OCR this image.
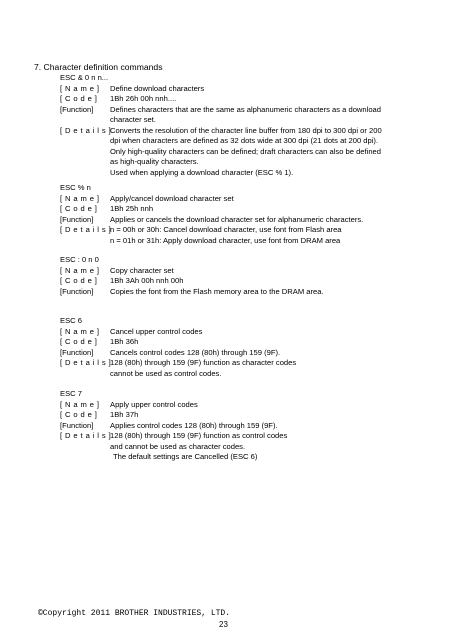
7. Character definition commands
ESC & 0 n n...
[ N a m e ]	Define download characters
[ C o d e ]	1Bh 26h 00h nnh....
[Function]	Defines characters that are the same as alphanumeric characters as a download
character set.
[ D e t a i l s ]
Converts the resolution of the character line buffer from 180 dpi to 300 dpi or 200
dpi when characters are defined as 32 dots wide at 300 dpi (21 dots at 200 dpi).
Only high-quality characters can be defined; draft characters can also be defined
as high-quality characters.
Used when applying a download character (ESC % 1).
ESC % n
[ N a m e ]	Apply/cancel download character set
[ C o d e ]	1Bh 25h nnh
[Function]	Applies or cancels the download character set for alphanumeric characters.
[ D e t a i l s ]
n = 00h or 30h: Cancel download character, use font from Flash area
n = 01h or 31h: Apply download character, use font from DRAM area
ESC : 0 n 0
[ N a m e ]	Copy character set
[ C o d e ]	1Bh 3Ah 00h nnh 00h
[Function]	Copies the font from the Flash memory area to the DRAM area.
ESC 6
[ N a m e ]	Cancel upper control codes
[ C o d e ]	1Bh 36h
[Function]	Cancels control codes 128 (80h) through 159 (9F).
[ D e t a i l s ]
128 (80h) through 159 (9F) function as character codes
cannot be used as control codes.
ESC 7
[ N a m e ]	Apply upper control codes
[ C o d e ]	1Bh 37h
[Function]	Applies control codes 128 (80h) through 159 (9F).
[ D e t a i l s ]
128 (80h) through 159 (9F) function as control codes
and cannot be used as character codes.
The default settings are Cancelled (ESC 6)
©Copyright 2011 BROTHER INDUSTRIES, LTD.
23
